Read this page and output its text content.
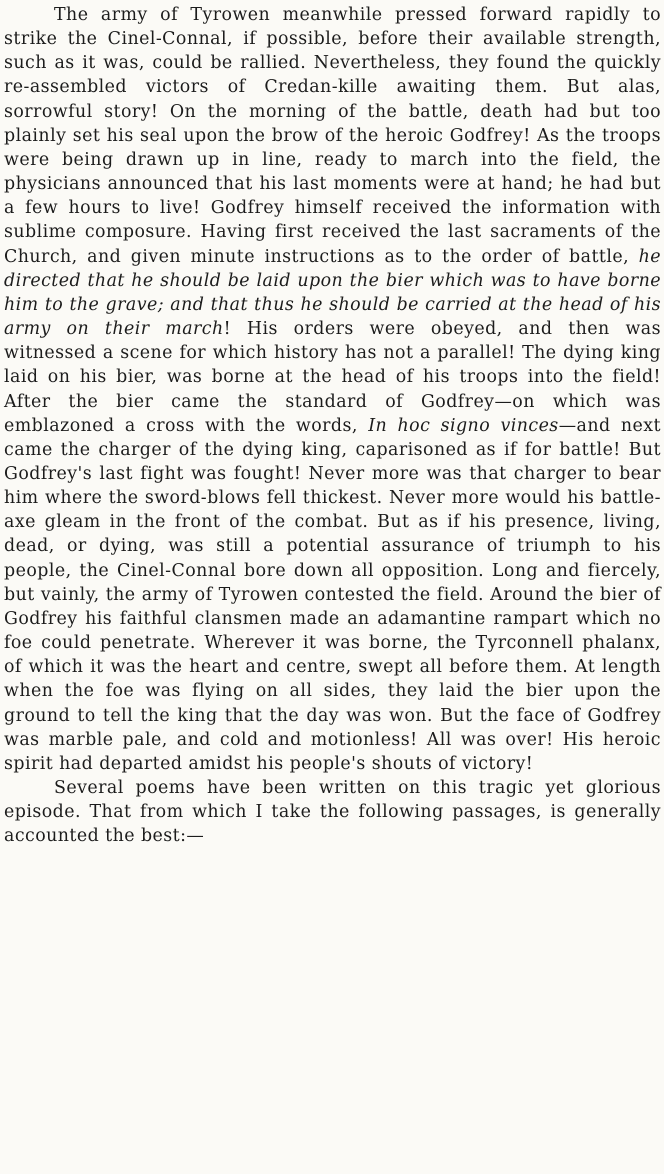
The army of Tyrowen meanwhile pressed forward rapidly to strike the Cinel-Connal, if possible, before their available strength, such as it was, could be rallied. Nevertheless, they found the quickly re-assembled victors of Credan-kille awaiting them. But alas, sorrowful story! On the morning of the battle, death had but too plainly set his seal upon the brow of the heroic Godfrey! As the troops were being drawn up in line, ready to march into the field, the physicians announced that his last moments were at hand; he had but a few hours to live! Godfrey himself received the information with sublime composure. Having first received the last sacraments of the Church, and given minute instructions as to the order of battle, he directed that he should be laid upon the bier which was to have borne him to the grave; and that thus he should be carried at the head of his army on their march! His orders were obeyed, and then was witnessed a scene for which history has not a parallel! The dying king laid on his bier, was borne at the head of his troops into the field! After the bier came the standard of Godfrey—on which was emblazoned a cross with the words, In hoc signo vinces—and next came the charger of the dying king, caparisoned as if for battle! But Godfrey's last fight was fought! Never more was that charger to bear him where the sword-blows fell thickest. Never more would his battle-axe gleam in the front of the combat. But as if his presence, living, dead, or dying, was still a potential assurance of triumph to his people, the Cinel-Connal bore down all opposition. Long and fiercely, but vainly, the army of Tyrowen contested the field. Around the bier of Godfrey his faithful clansmen made an adamantine rampart which no foe could penetrate. Wherever it was borne, the Tyrconnell phalanx, of which it was the heart and centre, swept all before them. At length when the foe was flying on all sides, they laid the bier upon the ground to tell the king that the day was won. But the face of Godfrey was marble pale, and cold and motionless! All was over! His heroic spirit had departed amidst his people's shouts of victory!

Several poems have been written on this tragic yet glorious episode. That from which I take the following passages, is generally accounted the best:—
